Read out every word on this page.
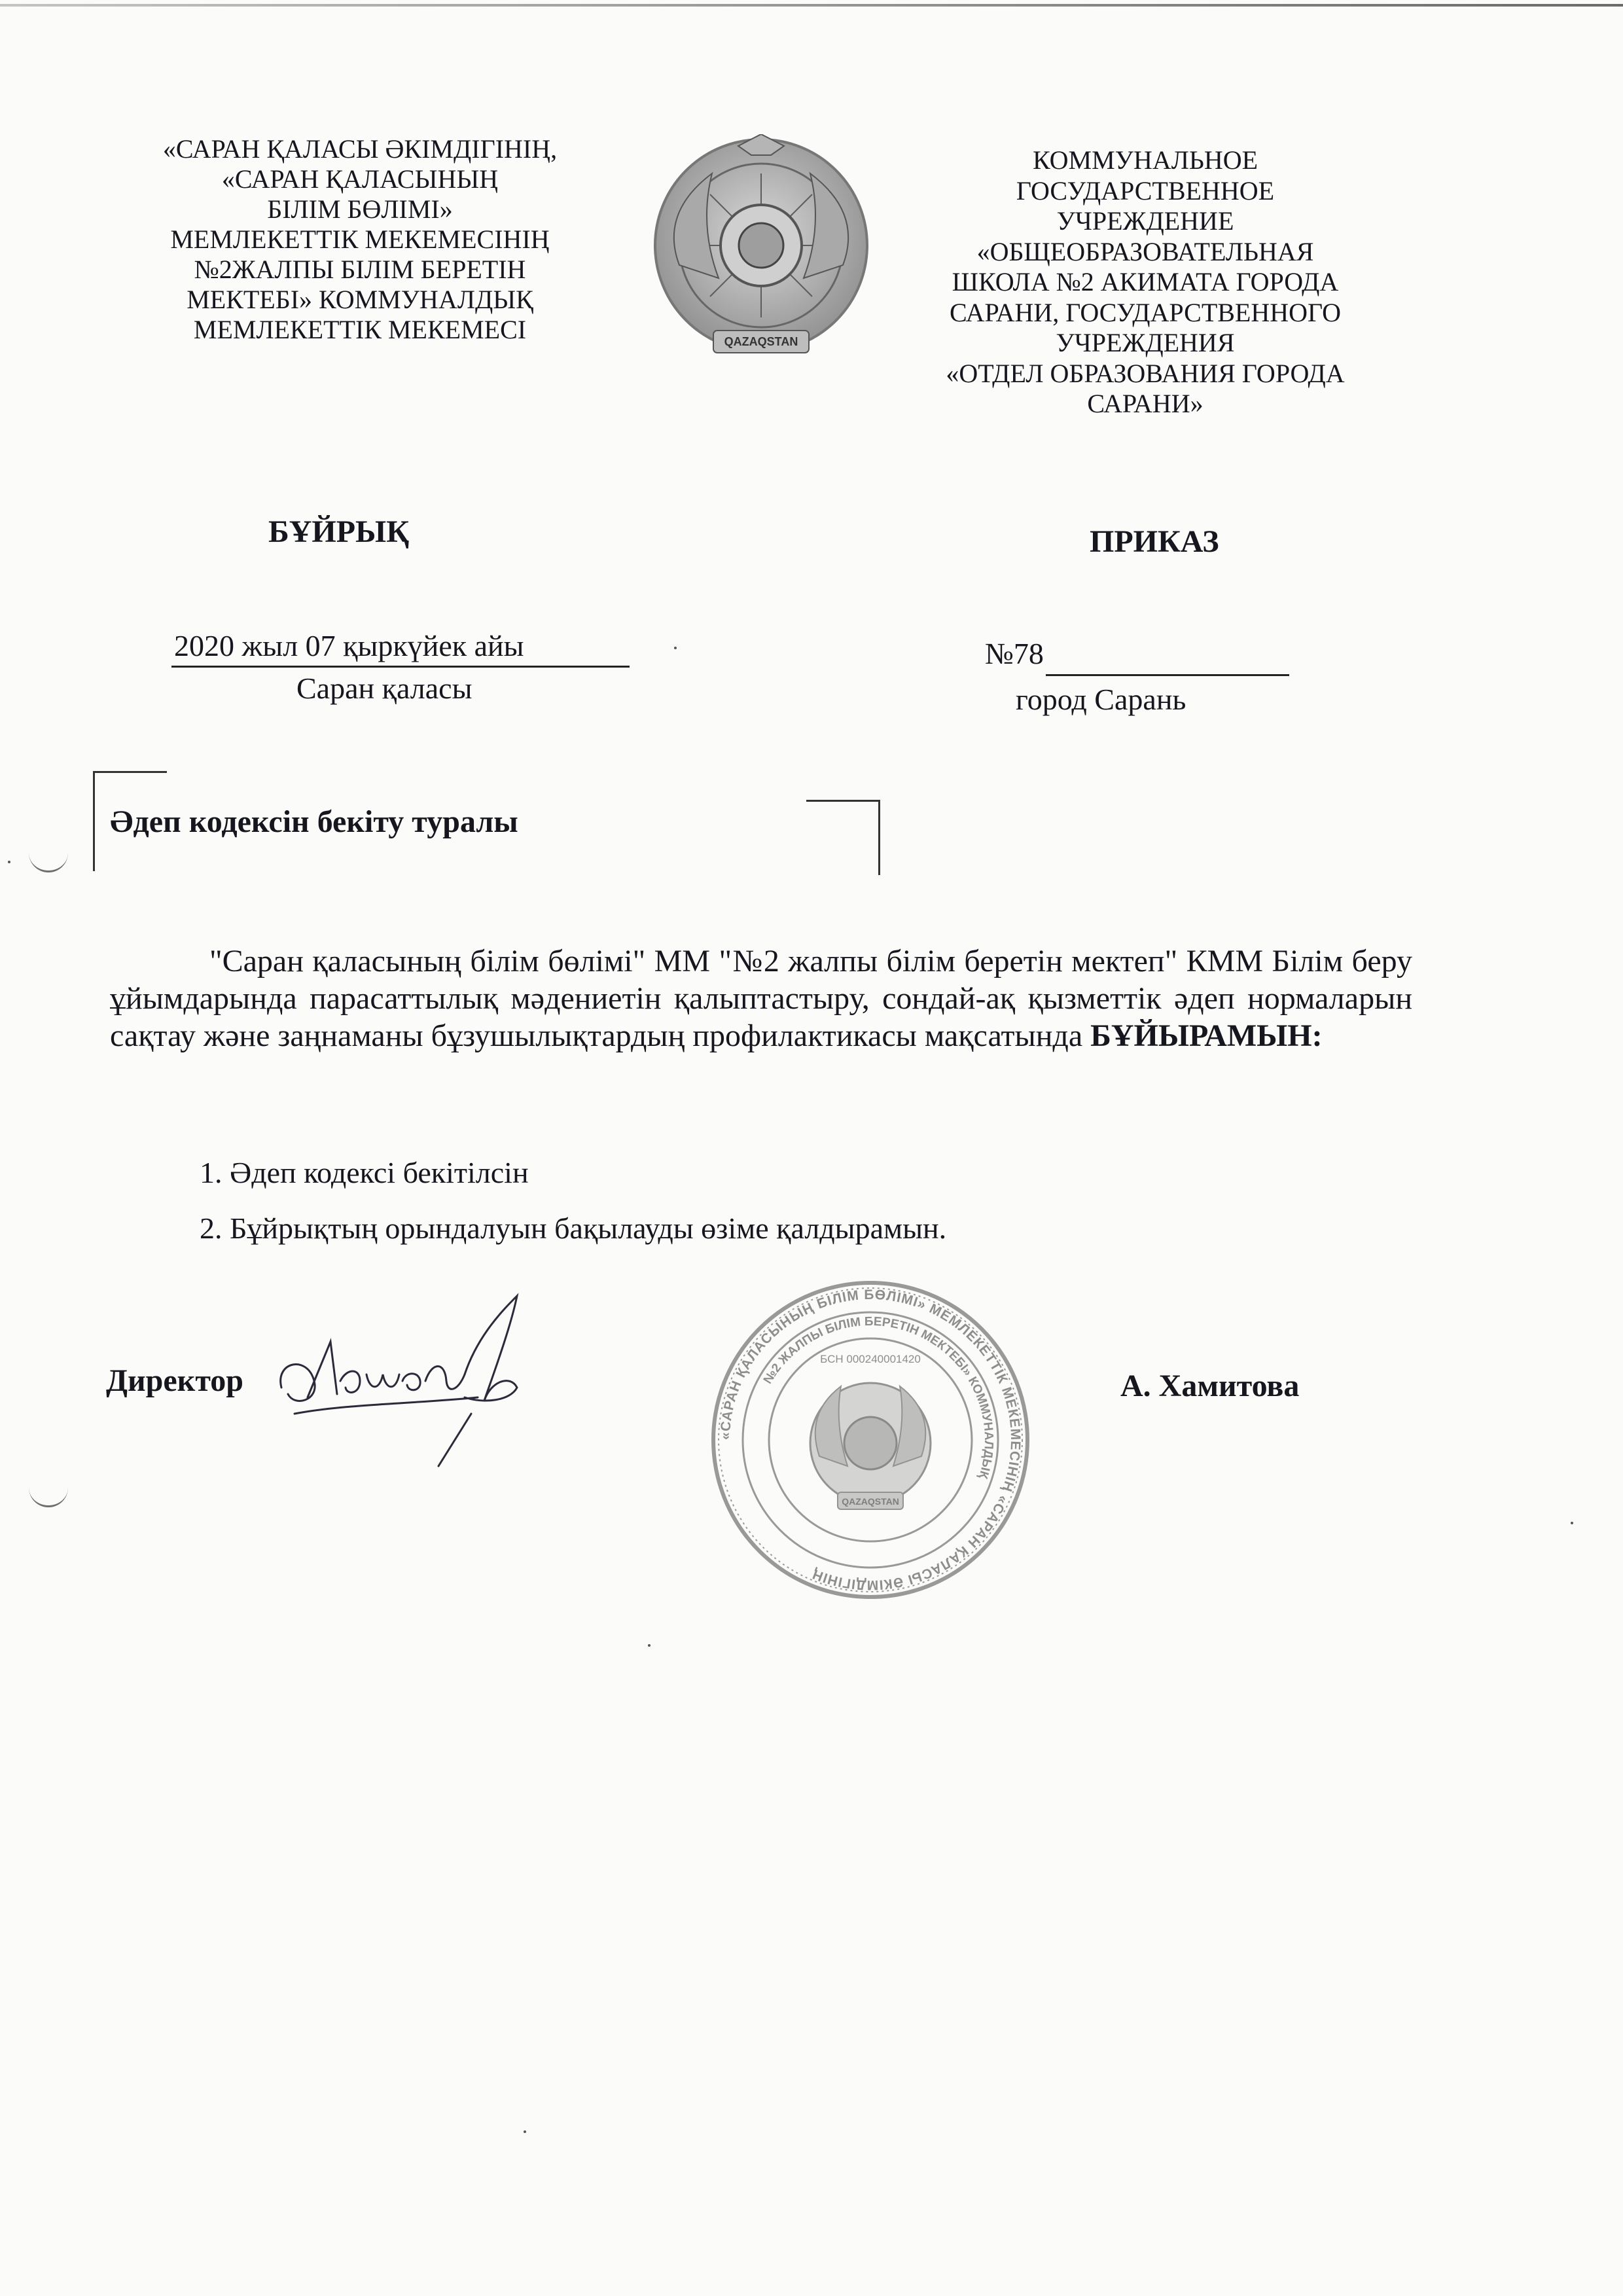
«САРАН ҚАЛАСЫ ӘКІМДІГІНІҢ,
«САРАН ҚАЛАСЫНЫҢ
БІЛІМ БӨЛІМІ»
МЕМЛЕКЕТТІК МЕКЕМЕСІНІҢ
№2ЖАЛПЫ БІЛІМ БЕРЕТІН
МЕКТЕБІ» КОММУНАЛДЫҚ
МЕМЛЕКЕТТІК МЕКЕМЕСІ	QAZAQSTAN
КОММУНАЛЬНОЕ
ГОСУДАРСТВЕННОЕ
УЧРЕЖДЕНИЕ
«ОБЩЕОБРАЗОВАТЕЛЬНАЯ
ШКОЛА №2 АКИМАТА ГОРОДА
САРАНИ, ГОСУДАРСТВЕННОГО
УЧРЕЖДЕНИЯ
«ОТДЕЛ ОБРАЗОВАНИЯ ГОРОДА
САРАНИ»
БҰЙРЫҚ	ПРИКАЗ
2020 жыл 07 қыркүйек айы
Саран қаласы
№78
город Сарань
Әдеп кодексін бекіту туралы
"Саран қаласының білім бөлімі" ММ "№2 жалпы білім беретін мектеп" КММ Білім беру ұйымдарында парасаттылық мәдениетін қалыптастыру, сондай-ақ қызметтік әдеп нормаларын сақтау және заңнаманы бұзушылықтардың профилактикасы мақсатында БҰЙЫРАМЫН:
1. Әдеп кодексі бекітілсін
2. Бұйрықтың орындалуын бақылауды өзіме қалдырамын.
Директор
«САРАН ҚАЛАСЫНЫҢ БІЛІМ БӨЛІМІ» МЕМЛЕКЕТТІК МЕКЕМЕСІНІҢ «САРАН ҚАЛАСЫ ӘКІМДІГІНІҢ
№2 ЖАЛПЫ БІЛІМ БЕРЕТІН МЕКТЕБІ» КОММУНАЛДЫҚ
БСН 000240001420
QAZAQSTAN
А. Хамитова
